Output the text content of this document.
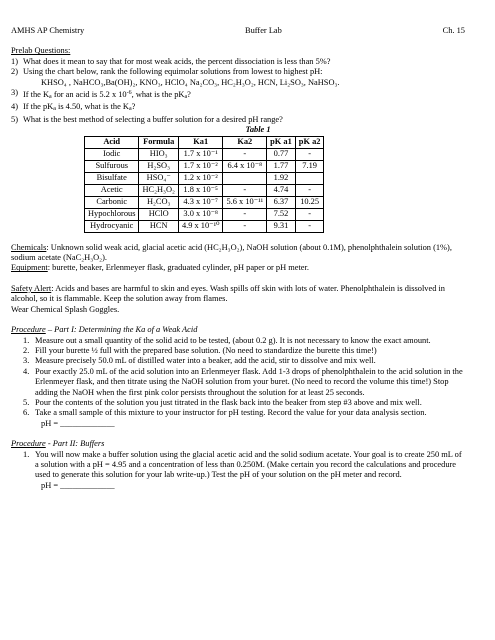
AMHS AP Chemistry	Buffer Lab	Ch. 15

Prelab Questions:

1) What does it mean to say that for most weak acids, the percent dissociation is less than 5%?
2) Using the chart below, rank the following equimolar solutions from lowest to highest pH:
KHSO₄ , NaHCO₃,Ba(OH)₂, KNO₃, HClO₄ Na₂CO₃, HC₂H₃O₂, HCN, Li₂SO₃, NaHSO₃.
3) If the Ka for an acid is 5.2 x $10^{-6}$, what is the pKa?
4) If the pKa is 4.50, what is the Ka?
5) What is the best method of selecting a buffer solution for a desired pH range?

Table 1

Acid	Formula	Ka1	Ka2	pK a1	pK a2
Iodic	HIO₃	1.7 x 10⁻¹	-	0.77	-
Sulfurous	H₂SO₃	1.7 x 10⁻²	6.4 x 10⁻⁸	1.77	7.19
Bisulfate	HSO₄⁻	1.2 x 10⁻²		1.92	
Acetic	HC₂H₃O₂	1.8 x 10⁻⁵	-	4.74	-
Carbonic	H₂CO₃	4.3 x 10⁻⁷	5.6 x 10⁻¹¹	6.37	10.25
Hypochlorous	HClO	3.0 x 10⁻⁸	-	7.52	-
Hydrocyanic	HCN	4.9 x 10⁻¹⁰	-	9.31	-

Chemicals: Unknown solid weak acid, glacial acetic acid (HC₂H₃O₂), NaOH solution (about 0.1M), phenolphthalein solution (1%), sodium acetate (NaC₂H₃O₂).

Equipment: burette, beaker, Erlenmeyer flask, graduated cylinder, pH paper or pH meter.

Safety Alert: Acids and bases are harmful to skin and eyes. Wash spills off skin with lots of water. Phenolphthalein is dissolved in alcohol, so it is flammable. Keep the solution away from flames.

Wear Chemical Splash Goggles.

Procedure – Part I: Determining the Ka of a Weak Acid

1. Measure out a small quantity of the solid acid to be tested, (about 0.2 g). It is not necessary to know the exact amount.
2. Fill your burette ½ full with the prepared base solution. (No need to standardize the burette this time!)
3. Measure precisely 50.0 mL of distilled water into a beaker, add the acid, stir to dissolve and mix well.
4. Pour exactly 25.0 mL of the acid solution into an Erlenmeyer flask. Add 1-3 drops of phenolphthalein to the acid solution in the Erlenmeyer flask, and then titrate using the NaOH solution from your buret. (No need to record the volume this time!) Stop adding the NaOH when the first pink color persists throughout the solution for at least 25 seconds.
5. Pour the contents of the solution you just titrated in the flask back into the beaker from step #3 above and mix well.
6. Take a small sample of this mixture to your instructor for pH testing. Record the value for your data analysis section.

pH = _____________

Procedure - Part II: Buffers

1. You will now make a buffer solution using the glacial acetic acid and the solid sodium acetate. Your goal is to create 250 mL of a solution with a pH = 4.95 and a concentration of less than 0.250M. (Make certain you record the calculations and procedure used to generate this solution for your lab write-up.) Test the pH of your solution on the pH meter and record.

pH = _____________
